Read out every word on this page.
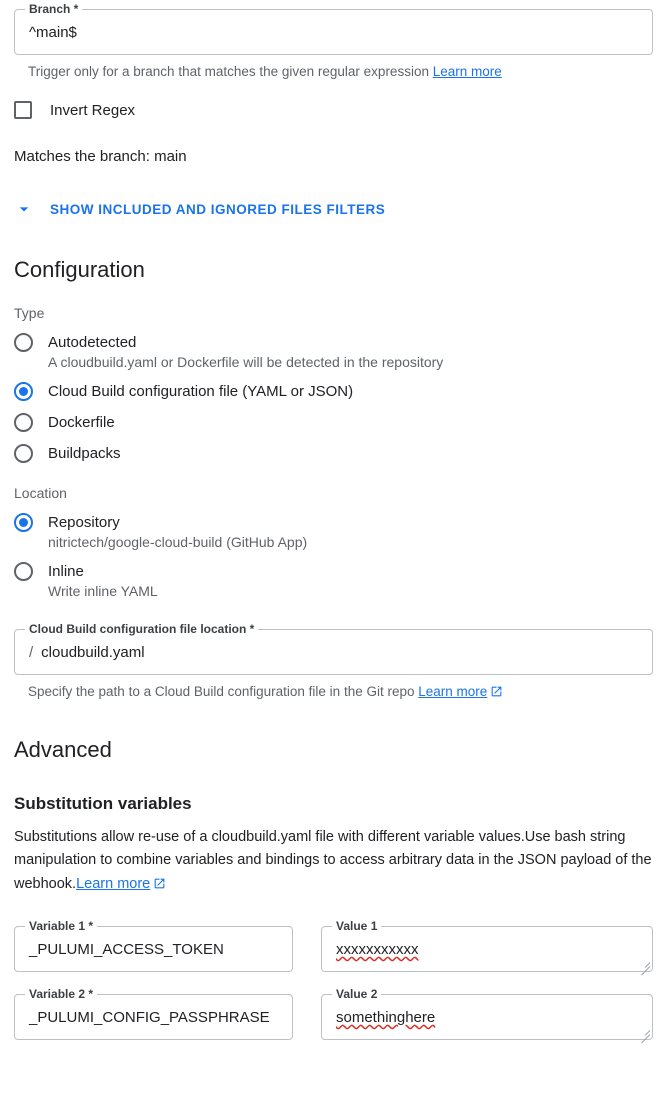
Branch *
^main$
Trigger only for a branch that matches the given regular expression Learn more
Invert Regex
Matches the branch: main
SHOW INCLUDED AND IGNORED FILES FILTERS
Configuration
Type
Autodetected
A cloudbuild.yaml or Dockerfile will be detected in the repository
Cloud Build configuration file (YAML or JSON)
Dockerfile
Buildpacks
Location
Repository
nitrictech/google-cloud-build (GitHub App)
Inline
Write inline YAML
Cloud Build configuration file location *
/ cloudbuild.yaml
Specify the path to a Cloud Build configuration file in the Git repo Learn more
Advanced
Substitution variables
Substitutions allow re-use of a cloudbuild.yaml file with different variable values.Use bash string manipulation to combine variables and bindings to access arbitrary data in the JSON payload of the webhook.Learn more
Variable 1 *
_PULUMI_ACCESS_TOKEN
Value 1
xxxxxxxxxxx
Variable 2 *
_PULUMI_CONFIG_PASSPHRASE
Value 2
somethinghere
